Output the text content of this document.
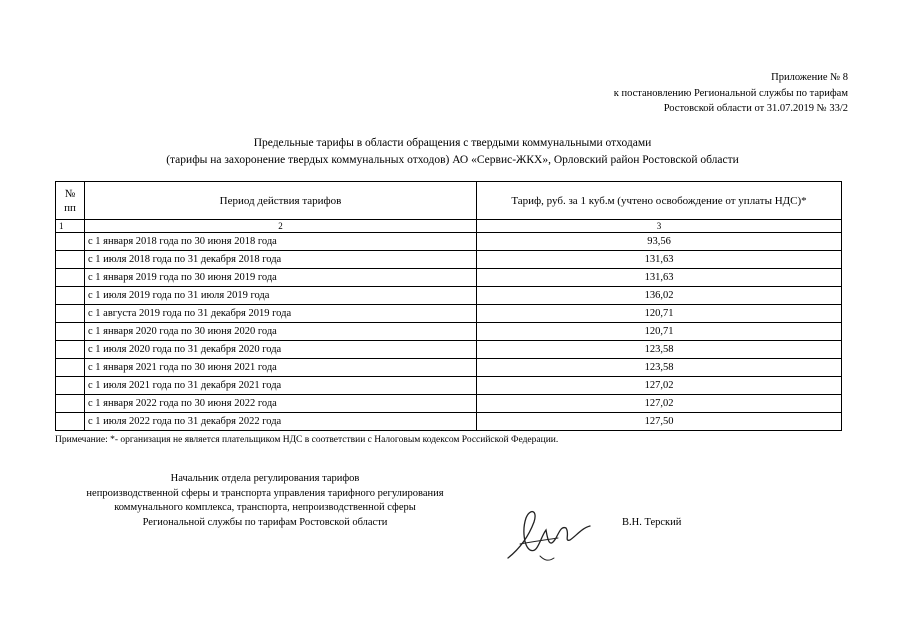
Приложение № 8
к постановлению Региональной службы по тарифам
Ростовской области от 31.07.2019 № 33/2
Предельные тарифы в области обращения с твердыми коммунальными отходами
(тарифы на захоронение твердых коммунальных отходов) АО «Сервис-ЖКХ», Орловский район Ростовской области
№
пп	Период действия тарифов	Тариф, руб. за 1 куб.м (учтено освобождение от уплаты НДС)*
1	2	3
	с 1 января 2018 года по 30 июня 2018 года	93,56
	с 1 июля 2018 года по 31 декабря 2018 года	131,63
	с 1 января 2019 года по 30 июня 2019 года	131,63
	с 1 июля 2019 года по 31 июля 2019 года	136,02
	с 1 августа 2019 года по 31 декабря 2019 года	120,71
	с 1 января 2020 года по 30 июня 2020 года	120,71
	с 1 июля 2020 года по 31 декабря 2020 года	123,58
	с 1 января 2021 года по 30 июня 2021 года	123,58
	с 1 июля 2021 года по 31 декабря 2021 года	127,02
	с 1 января 2022 года по 30 июня 2022 года	127,02
	с 1 июля 2022 года по 31 декабря 2022 года	127,50
Примечание: *- организация не является плательщиком НДС в соответствии с Налоговым кодексом Российской Федерации.
Начальник отдела регулирования тарифов
непроизводственной сферы и транспорта управления тарифного регулирования
коммунального комплекса, транспорта, непроизводственной сферы
Региональной службы по тарифам Ростовской области	В.Н. Терский
